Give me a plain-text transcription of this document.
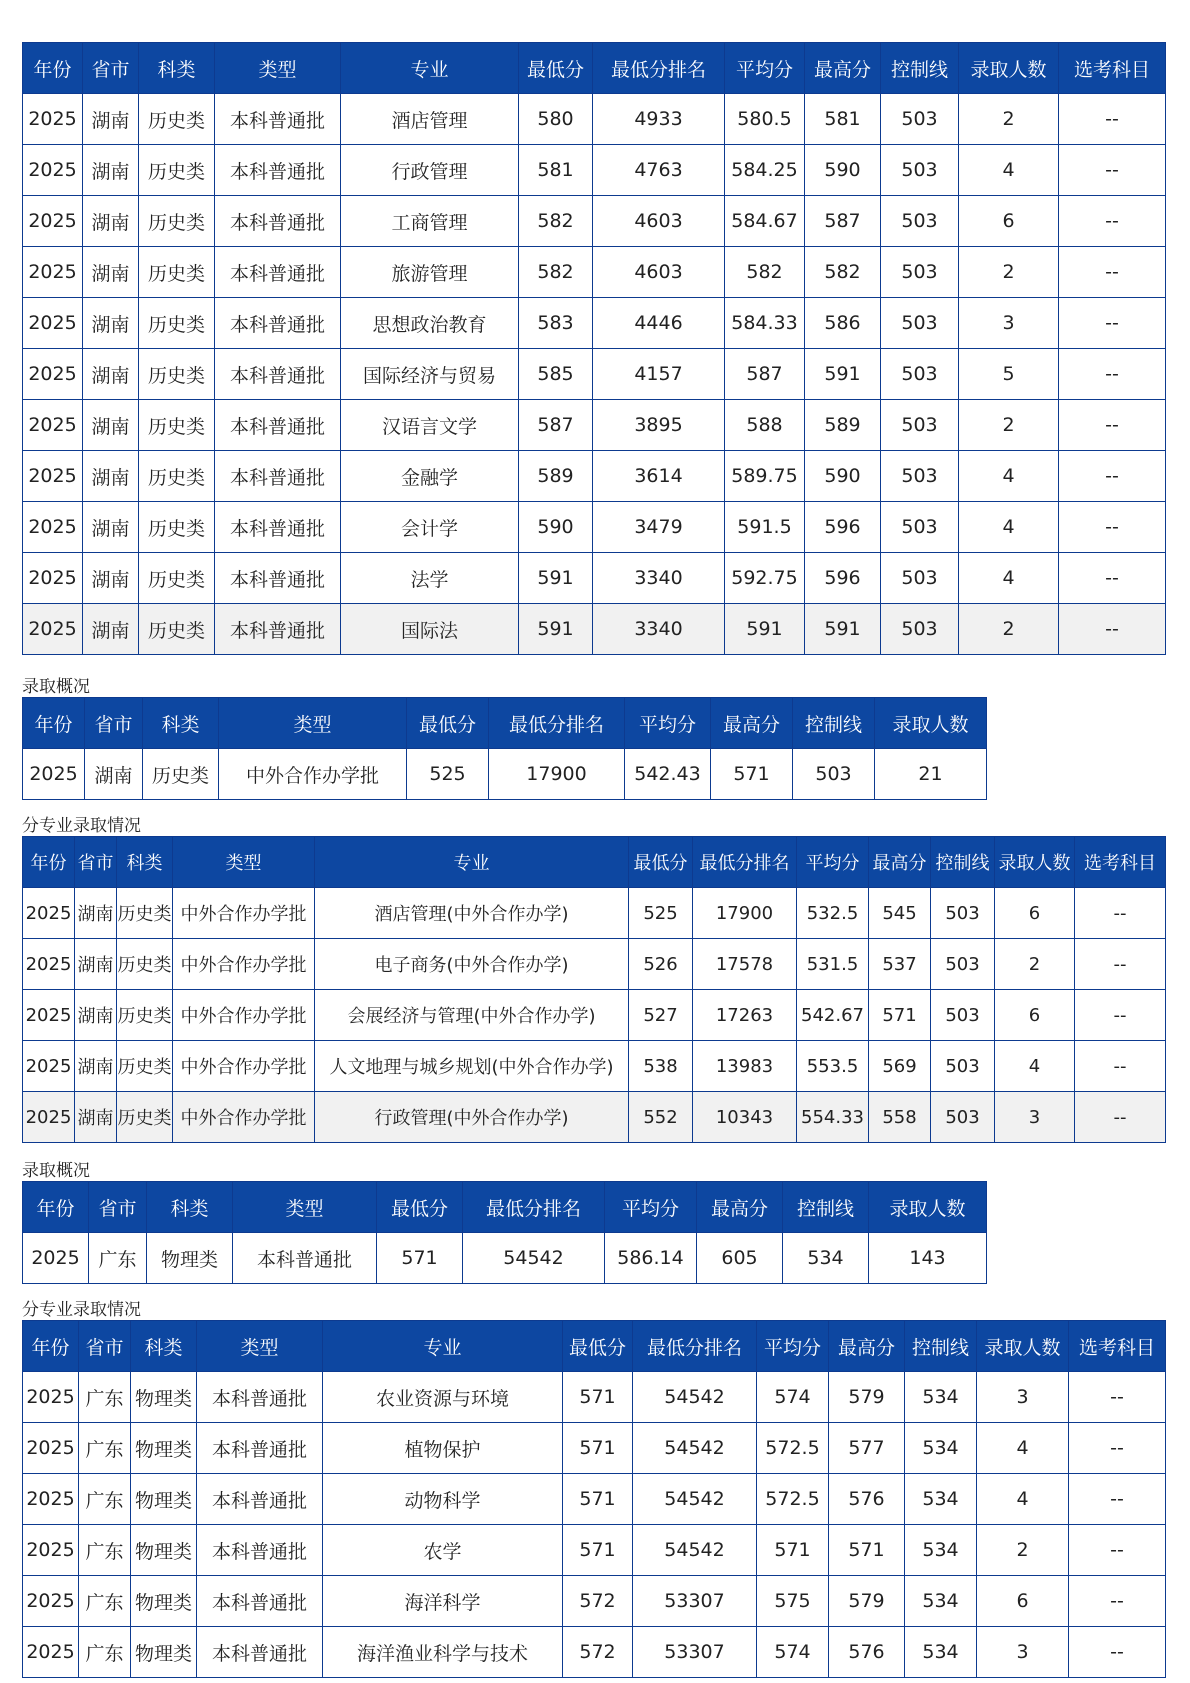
年份	省市	科类	类型	专业	最低分	最低分排名	平均分	最高分	控制线	录取人数	选考科目
2025	湖南	历史类	本科普通批	酒店管理	580	4933	580.5	581	503	2	--
2025	湖南	历史类	本科普通批	行政管理	581	4763	584.25	590	503	4	--
2025	湖南	历史类	本科普通批	工商管理	582	4603	584.67	587	503	6	--
2025	湖南	历史类	本科普通批	旅游管理	582	4603	582	582	503	2	--
2025	湖南	历史类	本科普通批	思想政治教育	583	4446	584.33	586	503	3	--
2025	湖南	历史类	本科普通批	国际经济与贸易	585	4157	587	591	503	5	--
2025	湖南	历史类	本科普通批	汉语言文学	587	3895	588	589	503	2	--
2025	湖南	历史类	本科普通批	金融学	589	3614	589.75	590	503	4	--
2025	湖南	历史类	本科普通批	会计学	590	3479	591.5	596	503	4	--
2025	湖南	历史类	本科普通批	法学	591	3340	592.75	596	503	4	--
2025	湖南	历史类	本科普通批	国际法	591	3340	591	591	503	2	--
录取概况
年份	省市	科类	类型	最低分	最低分排名	平均分	最高分	控制线	录取人数
2025	湖南	历史类	中外合作办学批	525	17900	542.43	571	503	21
分专业录取情况
年份	省市	科类	类型	专业	最低分	最低分排名	平均分	最高分	控制线	录取人数	选考科目
2025	湖南	历史类	中外合作办学批	酒店管理(中外合作办学)	525	17900	532.5	545	503	6	--
2025	湖南	历史类	中外合作办学批	电子商务(中外合作办学)	526	17578	531.5	537	503	2	--
2025	湖南	历史类	中外合作办学批	会展经济与管理(中外合作办学)	527	17263	542.67	571	503	6	--
2025	湖南	历史类	中外合作办学批	人文地理与城乡规划(中外合作办学)	538	13983	553.5	569	503	4	--
2025	湖南	历史类	中外合作办学批	行政管理(中外合作办学)	552	10343	554.33	558	503	3	--
录取概况
年份	省市	科类	类型	最低分	最低分排名	平均分	最高分	控制线	录取人数
2025	广东	物理类	本科普通批	571	54542	586.14	605	534	143
分专业录取情况
年份	省市	科类	类型	专业	最低分	最低分排名	平均分	最高分	控制线	录取人数	选考科目
2025	广东	物理类	本科普通批	农业资源与环境	571	54542	574	579	534	3	--
2025	广东	物理类	本科普通批	植物保护	571	54542	572.5	577	534	4	--
2025	广东	物理类	本科普通批	动物科学	571	54542	572.5	576	534	4	--
2025	广东	物理类	本科普通批	农学	571	54542	571	571	534	2	--
2025	广东	物理类	本科普通批	海洋科学	572	53307	575	579	534	6	--
2025	广东	物理类	本科普通批	海洋渔业科学与技术	572	53307	574	576	534	3	--
